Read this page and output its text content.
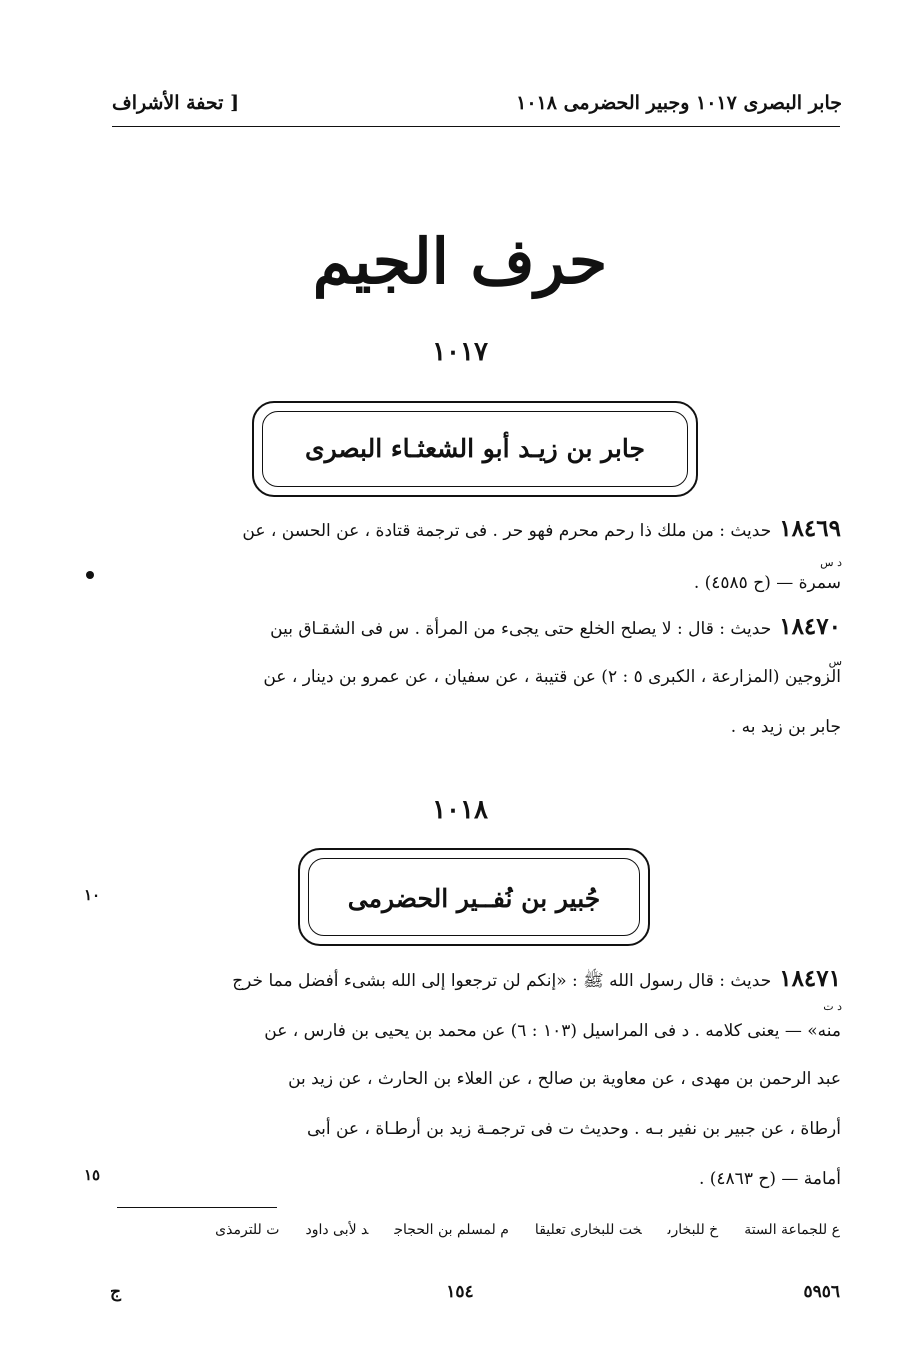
[ تحفة الأشراف	جابر البصرى ١٠١٧ وجبير الحضرمى ١٠١٨
حرف الجيم
١٠١٧
جابر بن زيـد أبو الشعثـاء البصرى
١٨٤٦٩حديث : من ملك ذا رحم محرم فهو حر . فى ترجمة قتادة ، عن الحسن ، عن
د س
سمرة — (ح ٤٥٨٥) .
١٨٤٧٠حديث : قال : لا يصلح الخلع حتى يجىء من المرأة . س فى الشقـاق بين
س
الزوجين (المزارعة ، الكبرى ٥ : ٢) عن قتيبة ، عن سفيان ، عن عمرو بن دينار ، عن
جابر بن زيد به .
١٠١٨
جُبير بن نُفــير الحضرمى
١٠
١٨٤٧١حديث : قال رسول الله ﷺ : «إنكم لن ترجعوا إلى الله بشىء أفضل مما خرج
د ت
منه» — يعنى كلامه . د فى المراسيل (١٠٣ : ٦) عن محمد بن يحيى بن فارس ، عن
عبد الرحمن بن مهدى ، عن معاوية بن صالح ، عن العلاء بن الحارث ، عن زيد بن
أرطاة ، عن جبير بن نفير بـه . وحديث ت فى ترجمـة زيد بن أرطـاة ، عن أبى
أمامة — (ح ٤٨٦٣) .
١٥
ع للجماعة الستةخ للبخارىخت للبخارى تعليقام لمسلم بن الحجاجد لأبى داودت للترمذى
ج	١٥٤	٥٩٥٦
